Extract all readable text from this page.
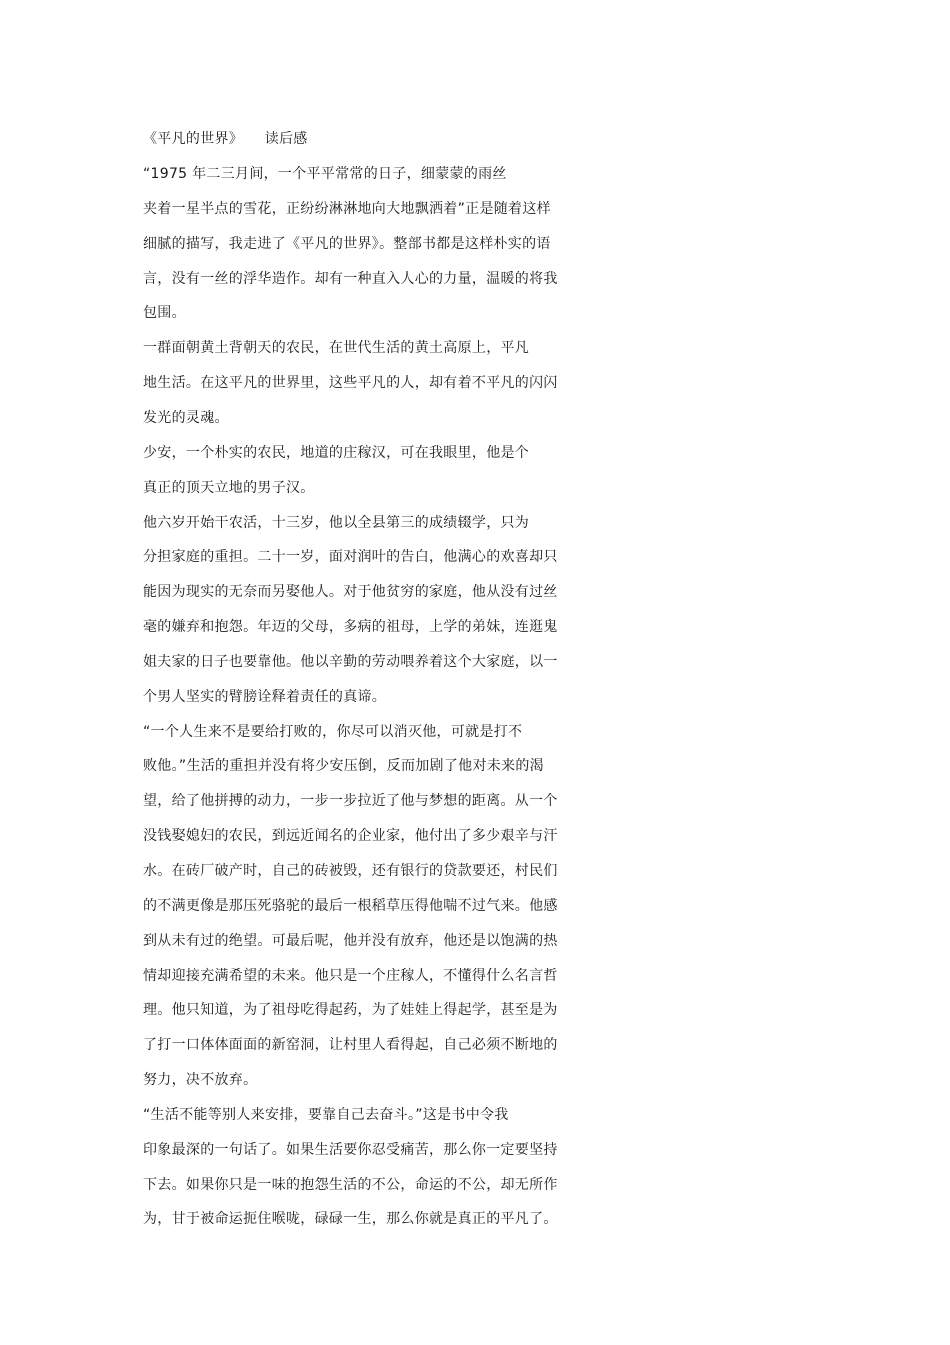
《平凡的世界》　　读后感
“1975 年二三月间，一个平平常常的日子，细蒙蒙的雨丝
夹着一星半点的雪花，正纷纷淋淋地向大地飘洒着”正是随着这样
细腻的描写，我走进了《平凡的世界》。整部书都是这样朴实的语
言，没有一丝的浮华造作。却有一种直入人心的力量，温暖的将我
包围。
一群面朝黄土背朝天的农民，在世代生活的黄土高原上，平凡
地生活。在这平凡的世界里，这些平凡的人，却有着不平凡的闪闪
发光的灵魂。
少安，一个朴实的农民，地道的庄稼汉，可在我眼里，他是个
真正的顶天立地的男子汉。
他六岁开始干农活，十三岁，他以全县第三的成绩辍学，只为
分担家庭的重担。二十一岁，面对润叶的告白，他满心的欢喜却只
能因为现实的无奈而另娶他人。对于他贫穷的家庭，他从没有过丝
毫的嫌弃和抱怨。年迈的父母，多病的祖母，上学的弟妹，连逛鬼
姐夫家的日子也要靠他。他以辛勤的劳动喂养着这个大家庭，以一
个男人坚实的臂膀诠释着责任的真谛。
“一个人生来不是要给打败的，你尽可以消灭他，可就是打不
败他。”生活的重担并没有将少安压倒，反而加剧了他对未来的渴
望，给了他拼搏的动力，一步一步拉近了他与梦想的距离。从一个
没钱娶媳妇的农民，到远近闻名的企业家，他付出了多少艰辛与汗
水。在砖厂破产时，自己的砖被毁，还有银行的贷款要还，村民们
的不满更像是那压死骆驼的最后一根稻草压得他喘不过气来。他感
到从未有过的绝望。可最后呢，他并没有放弃，他还是以饱满的热
情却迎接充满希望的未来。他只是一个庄稼人，不懂得什么名言哲
理。他只知道，为了祖母吃得起药，为了娃娃上得起学，甚至是为
了打一口体体面面的新窑洞，让村里人看得起，自己必须不断地的
努力，决不放弃。
“生活不能等别人来安排，要靠自己去奋斗。”这是书中令我
印象最深的一句话了。如果生活要你忍受痛苦，那么你一定要坚持
下去。如果你只是一味的抱怨生活的不公，命运的不公，却无所作
为，甘于被命运扼住喉咙，碌碌一生，那么你就是真正的平凡了。
